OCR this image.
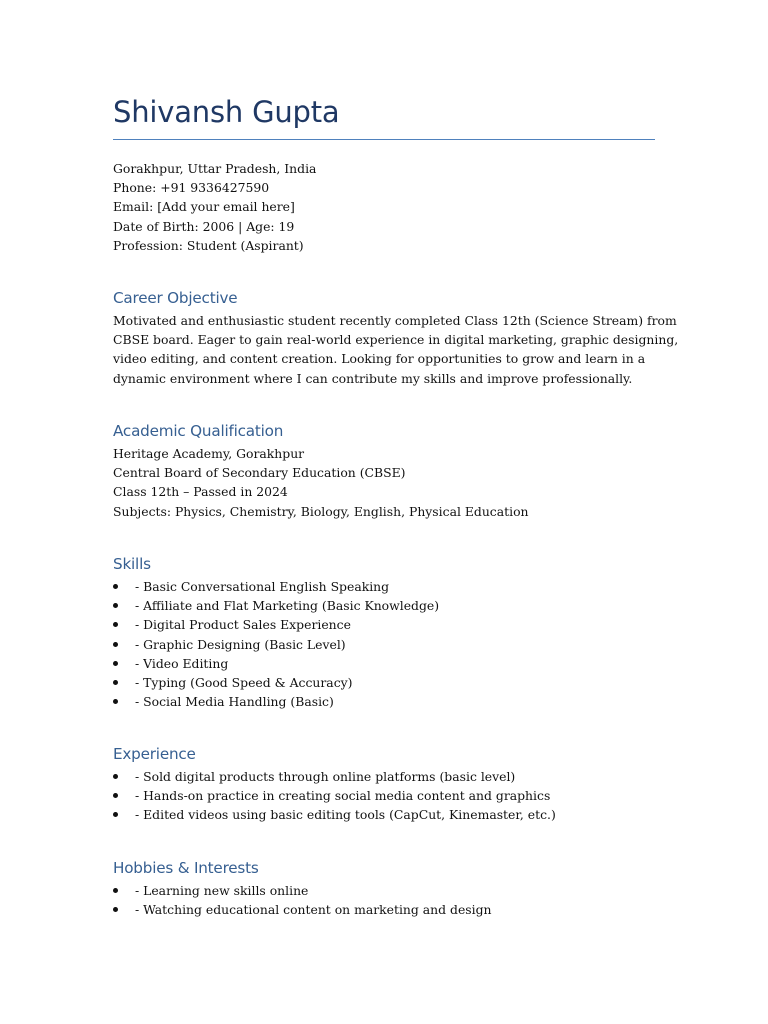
Shivansh Gupta
Gorakhpur, Uttar Pradesh, India
Phone: +91 9336427590
Email: [Add your email here]
Date of Birth: 2006 | Age: 19
Profession: Student (Aspirant)
Career Objective
Motivated and enthusiastic student recently completed Class 12th (Science Stream) from
CBSE board. Eager to gain real-world experience in digital marketing, graphic designing,
video editing, and content creation. Looking for opportunities to grow and learn in a
dynamic environment where I can contribute my skills and improve professionally.
Academic Qualification
Heritage Academy, Gorakhpur
Central Board of Secondary Education (CBSE)
Class 12th – Passed in 2024
Subjects: Physics, Chemistry, Biology, English, Physical Education
Skills
- Basic Conversational English Speaking
- Affiliate and Flat Marketing (Basic Knowledge)
- Digital Product Sales Experience
- Graphic Designing (Basic Level)
- Video Editing
- Typing (Good Speed & Accuracy)
- Social Media Handling (Basic)
Experience
- Sold digital products through online platforms (basic level)
- Hands-on practice in creating social media content and graphics
- Edited videos using basic editing tools (CapCut, Kinemaster, etc.)
Hobbies & Interests
- Learning new skills online
- Watching educational content on marketing and design
